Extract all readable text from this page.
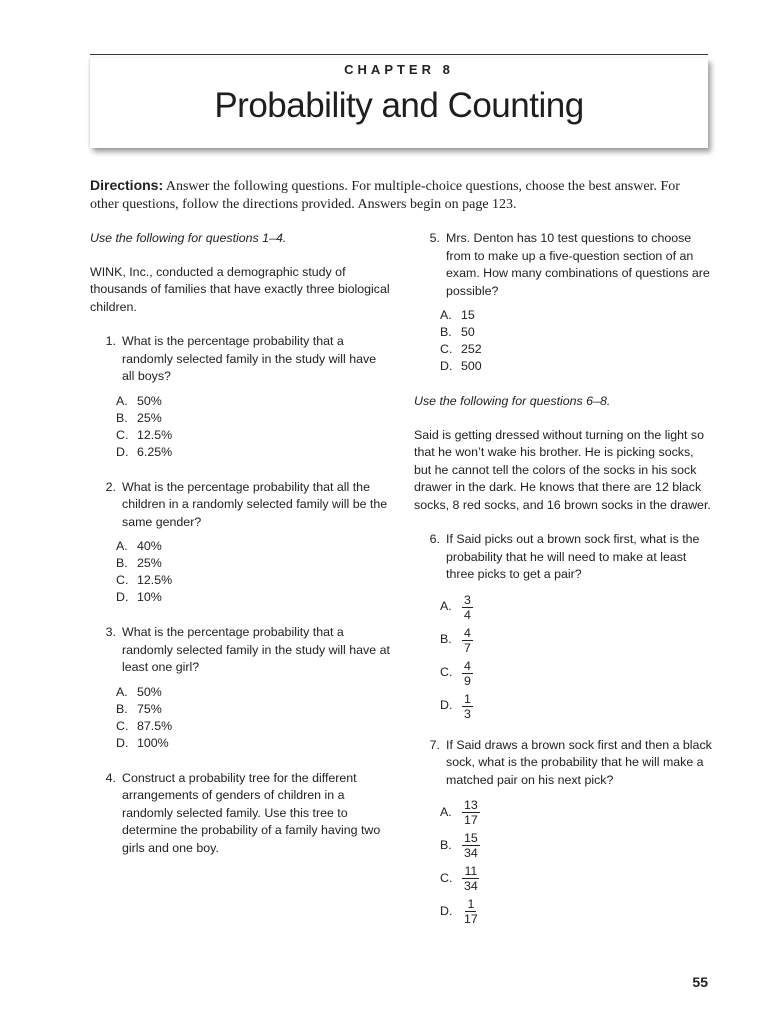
CHAPTER 8
Probability and Counting
Directions: Answer the following questions. For multiple-choice questions, choose the best answer. For other questions, follow the directions provided. Answers begin on page 123.

Use the following for questions 1–4.

WINK, Inc., conducted a demographic study of thousands of families that have exactly three biological children.

1. What is the percentage probability that a randomly selected family in the study will have all boys?
A. 50%
B. 25%
C. 12.5%
D. 6.25%
2. What is the percentage probability that all the children in a randomly selected family will be the same gender?
A. 40%
B. 25%
C. 12.5%
D. 10%
3. What is the percentage probability that a randomly selected family in the study will have at least one girl?
A. 50%
B. 75%
C. 87.5%
D. 100%
4. Construct a probability tree for the different arrangements of genders of children in a randomly selected family. Use this tree to determine the probability of a family having two girls and one boy.
5. Mrs. Denton has 10 test questions to choose from to make up a five-question section of an exam. How many combinations of questions are possible?
A. 15
B. 50
C. 252
D. 500

Use the following for questions 6–8.

Said is getting dressed without turning on the light so that he won’t wake his brother. He is picking socks, but he cannot tell the colors of the socks in his sock drawer in the dark. He knows that there are 12 black socks, 8 red socks, and 16 brown socks in the drawer.

6. If Said picks out a brown sock first, what is the probability that he will need to make at least three picks to get a pair?
A. $\frac{3}{4}$
B. $\frac{4}{7}$
C. $\frac{4}{9}$
D. $\frac{1}{3}$
7. If Said draws a brown sock first and then a black sock, what is the probability that he will make a matched pair on his next pick?
A. $\frac{13}{17}$
B. $\frac{15}{34}$
C. $\frac{11}{34}$
D. $\frac{1}{17}$
55
